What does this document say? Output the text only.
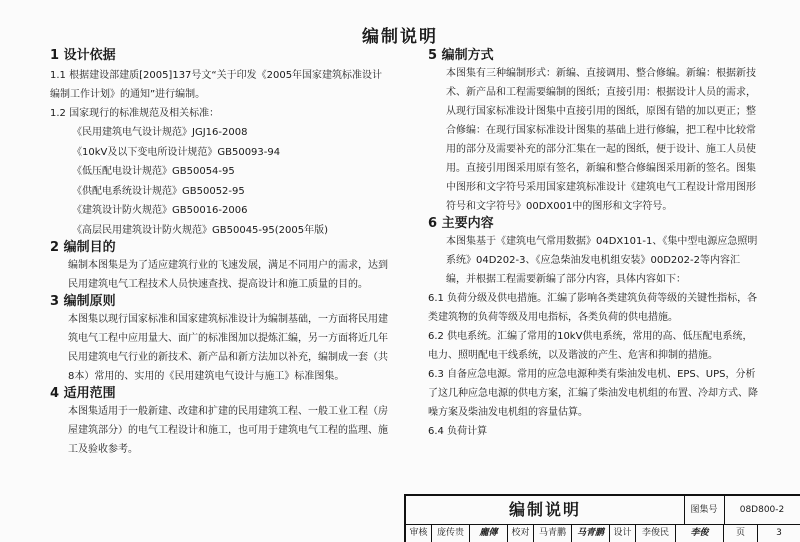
编制说明
1 设计依据

1.1 根据建设部建质[2005]137号文“关于印发《2005年国家建筑标准设计编制工作计划》的通知”进行编制。

1.2 国家现行的标准规范及相关标准：

《民用建筑电气设计规范》JGJ16-2008
《10kV及以下变电所设计规范》GB50093-94
《低压配电设计规范》GB50054-95
《供配电系统设计规范》GB50052-95
《建筑设计防火规范》GB50016-2006
《高层民用建筑设计防火规范》GB50045-95(2005年版)
2 编制目的

编制本图集是为了适应建筑行业的飞速发展，满足不同用户的需求，达到民用建筑电气工程技术人员快速查找、提高设计和施工质量的目的。

3 编制原则

本图集以现行国家标准和国家建筑标准设计为编制基础，一方面将民用建筑电气工程中应用量大、面广的标准图加以提炼汇编，另一方面将近几年民用建筑电气行业的新技术、新产品和新方法加以补充，编制成一套（共8本）常用的、实用的《民用建筑电气设计与施工》标准图集。

4 适用范围

本图集适用于一般新建、改建和扩建的民用建筑工程、一般工业工程（房屋建筑部分）的电气工程设计和施工，也可用于建筑电气工程的监理、施工及验收参考。

5 编制方式

本图集有三种编制形式：新编、直接调用、整合修编。新编：根据新技术、新产品和工程需要编制的图纸；直接引用：根据设计人员的需求，从现行国家标准设计图集中直接引用的图纸，原图有错的加以更正；整合修编：在现行国家标准设计图集的基础上进行修编，把工程中比较常用的部分及需要补充的部分汇集在一起的图纸，便于设计、施工人员使用。直接引用图采用原有签名，新编和整合修编图采用新的签名。图集中图形和文字符号采用国家建筑标准设计《建筑电气工程设计常用图形符号和文字符号》00DX001中的图形和文字符号。

6 主要内容

本图集基于《建筑电气常用数据》04DX101-1、《集中型电源应急照明系统》04D202-3、《应急柴油发电机组安装》00D202-2等内容汇编，并根据工程需要新编了部分内容，具体内容如下：

6.1 负荷分级及供电措施。汇编了影响各类建筑负荷等级的关键性指标，各类建筑物的负荷等级及用电指标，各类负荷的供电措施。

6.2 供电系统。汇编了常用的10kV供电系统，常用的高、低压配电系统，电力、照明配电干线系统，以及谐波的产生、危害和抑制的措施。

6.3 自备应急电源。常用的应急电源种类有柴油发电机、EPS、UPS，分析了这几种应急电源的供电方案，汇编了柴油发电机组的布置、冷却方式、降噪方案及柴油发电机组的容量估算。

6.4 负荷计算

编制说明	图集号	08D800-2
审核	庞传贵	龐傳	校对	马青鹏	马青鹏	设计	李俊民	李俊	页	3
